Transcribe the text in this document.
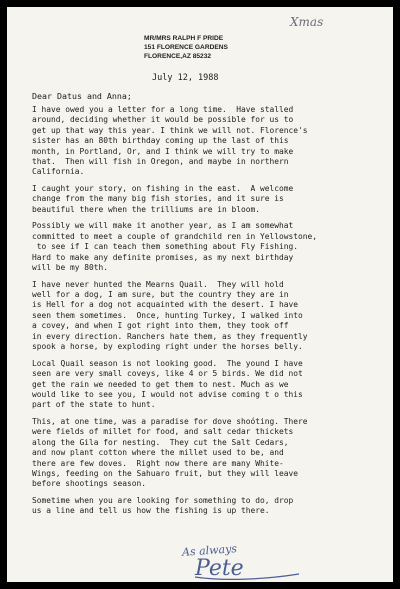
Xmas
MR/MRS RALPH F PRIDE
151 FLORENCE GARDENS
FLORENCE,AZ 85232
July 12, 1988
Dear Datus and Anna;

I have owed you a letter for a long time.  Have stalled
around, deciding whether it would be possible for us to
get up that way this year. I think we will not. Florence's
sister has an 80th birthday coming up the last of this
month, in Portland, Or, and I think we will try to make
that.  Then will fish in Oregon, and maybe in northern
California.

I caught your story, on fishing in the east.  A welcome
change from the many big fish stories, and it sure is
beautiful there when the trilliums are in bloom.

Possibly we will make it another year, as I am somewhat
committed to meet a couple of grandchild ren in Yellowstone,
to see if I can teach them something about Fly Fishing.
Hard to make any definite promises, as my next birthday
will be my 80th.

I have never hunted the Mearns Quail.  They will hold
well for a dog, I am sure, but the country they are in
is Hell for a dog not acquainted with the desert. I have
seen them sometimes.  Once, hunting Turkey, I walked into
a covey, and when I got right into them, they took off
in every direction. Ranchers hate them, as they frequently
spook a horse, by exploding right under the horses belly.

Local Quail season is not looking good.  The yound I have
seen are very small coveys, like 4 or 5 birds. We did not
get the rain we needed to get them to nest. Much as we
would like to see you, I would not advise coming t o this
part of the state to hunt.

This, at one time, was a paradise for dove shoóting. There
were fields of millet for food, and salt cedar thickets
along the Gila for nesting.  They cut the Salt Cedars,
and now plant cotton where the millet used to be, and
there are few doves.  Right now there are many White-
Wings, feeding on the Sahuaro fruit, but they will leave
before shootings season.

Sometime when you are looking for something to do, drop
us a line and tell us how the fishing is up there.

As always
Pete
